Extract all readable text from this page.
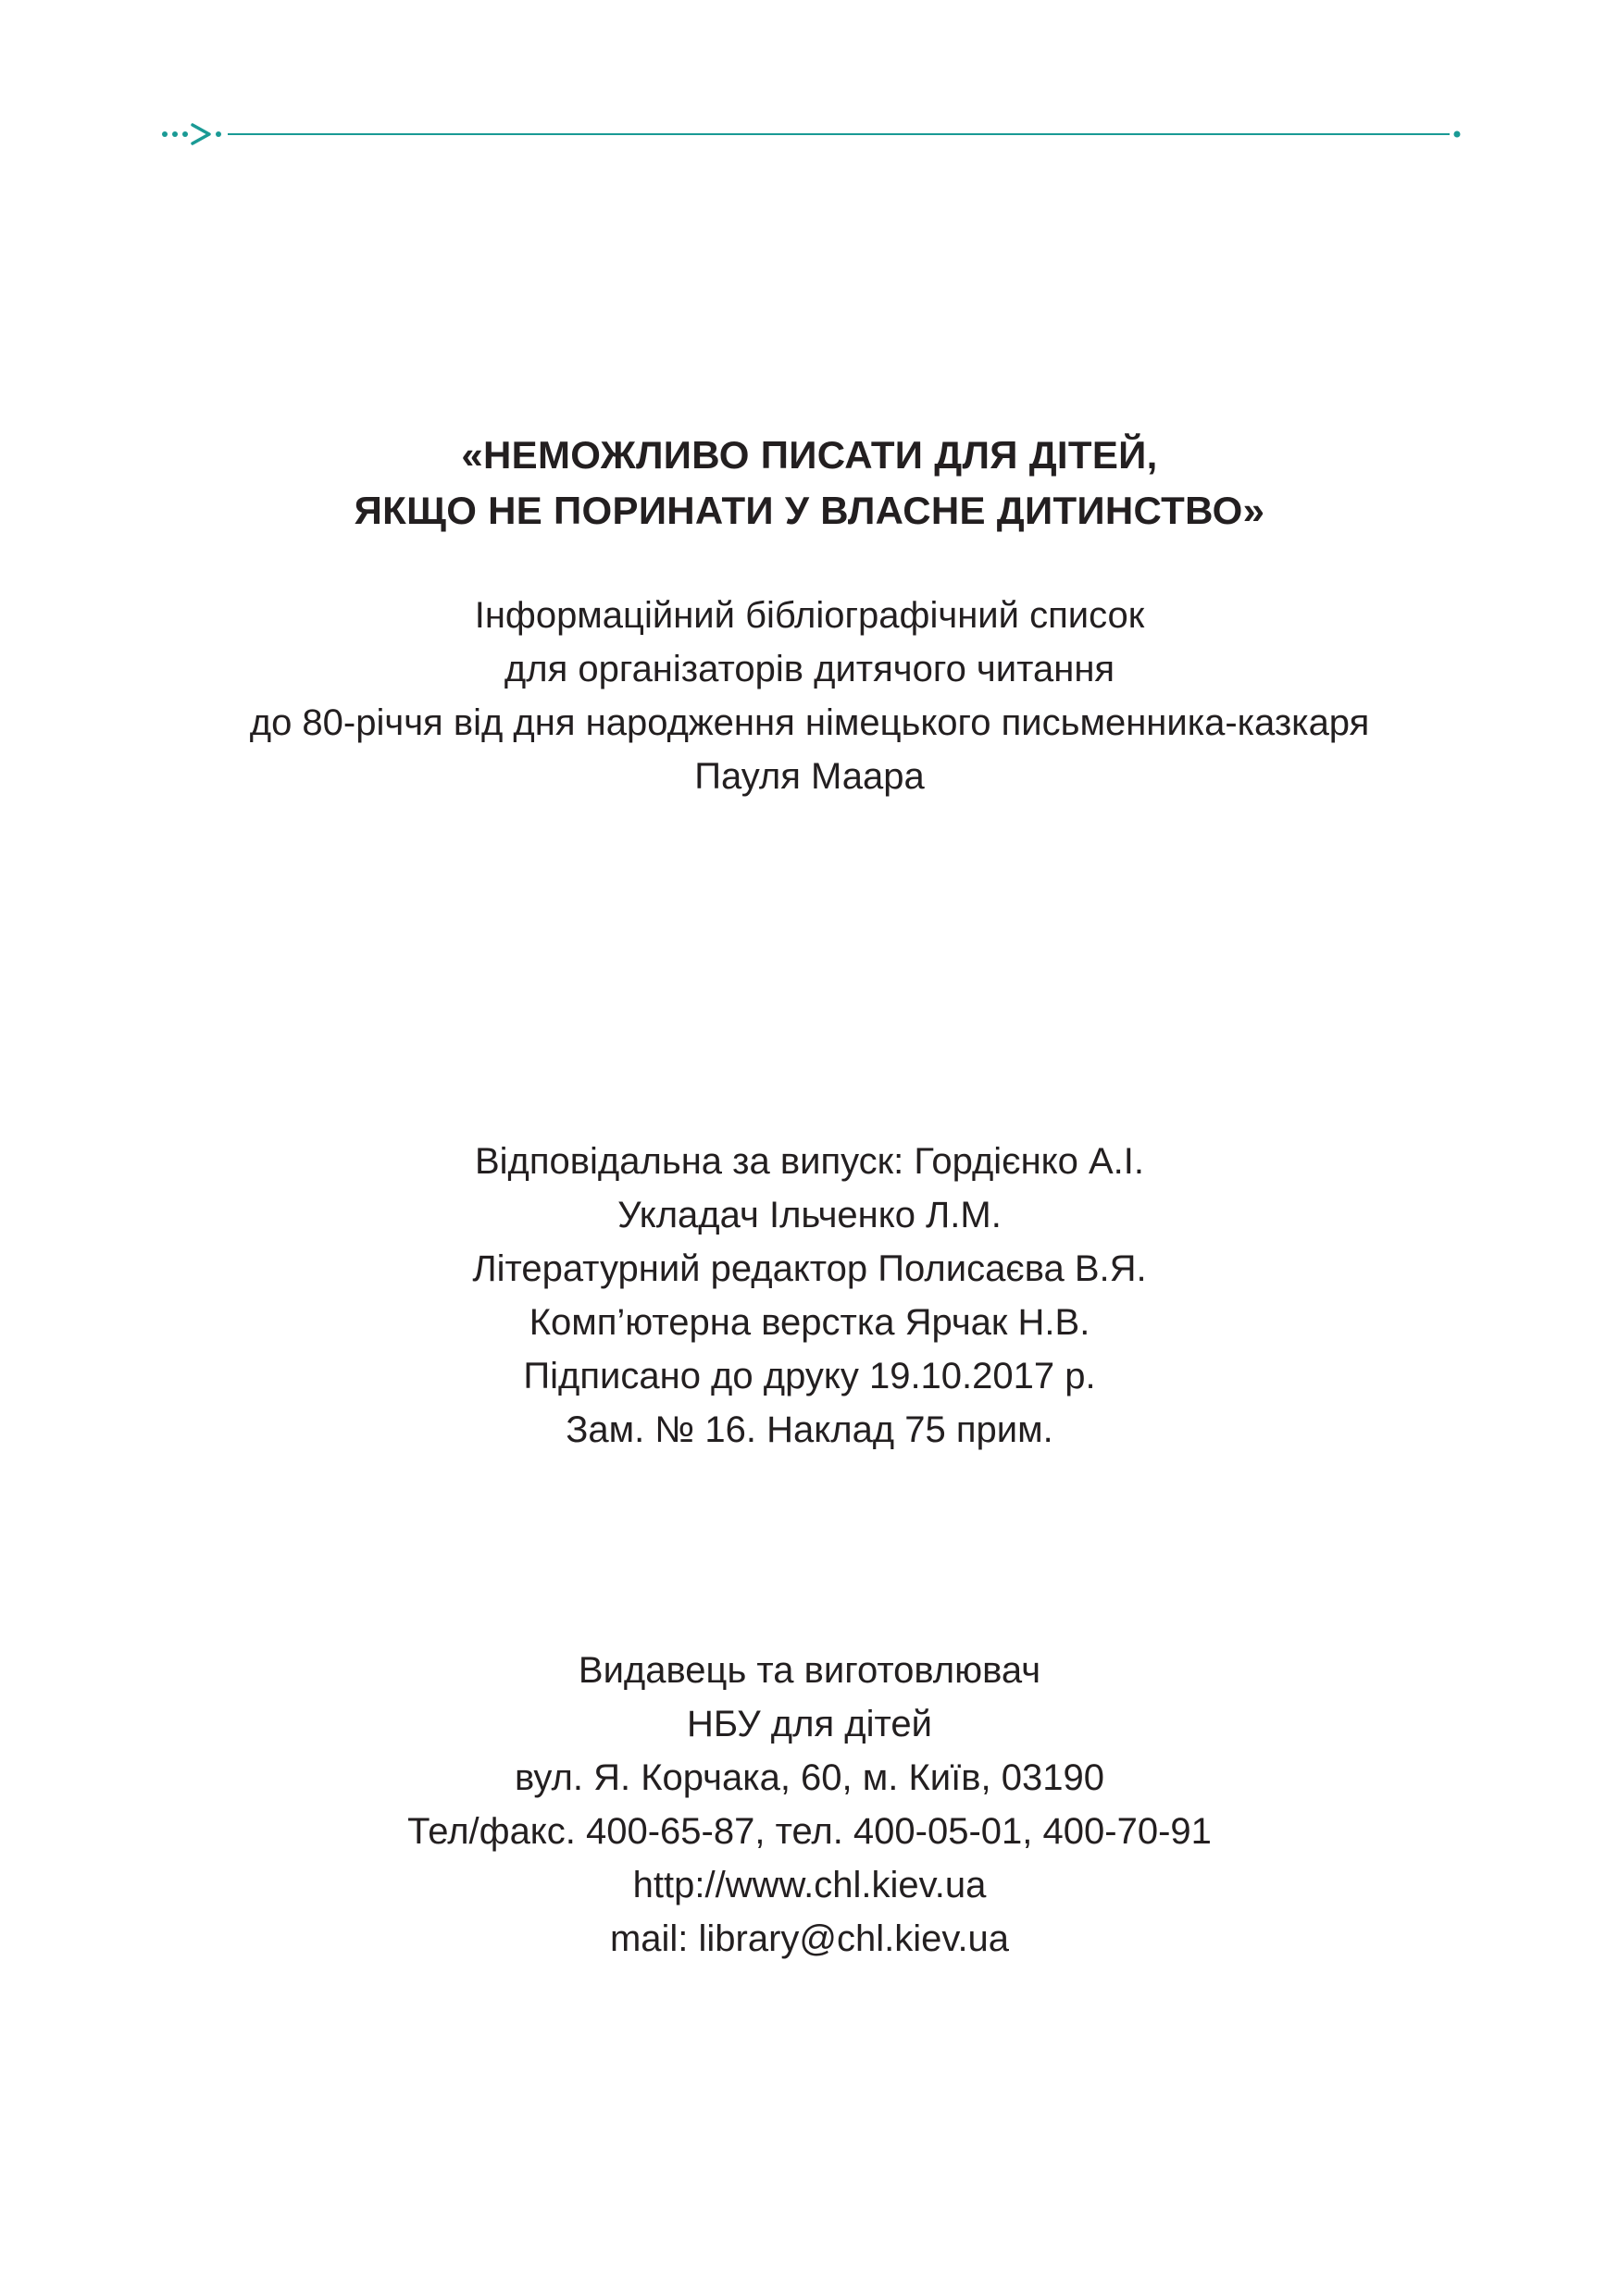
«НЕМОЖЛИВО ПИСАТИ ДЛЯ ДІТЕЙ,
ЯКЩО НЕ ПОРИНАТИ У ВЛАСНЕ ДИТИНСТВО»
Інформаційний бібліографічний список
для організаторів дитячого читання
до 80-річчя від дня народження німецького письменника-казкаря
Пауля Маара
Відповідальна за випуск: Гордієнко А.І.
Укладач Ільченко Л.М.
Літературний редактор Полисаєва В.Я.
Комп’ютерна верстка Ярчак Н.В.
Підписано до друку 19.10.2017 р.
Зам. № 16. Наклад 75 прим.
Видавець та виготовлювач
НБУ для дітей
вул. Я. Корчака, 60, м. Київ, 03190
Тел/факс. 400-65-87, тел. 400-05-01, 400-70-91
http://www.chl.kiev.ua
mail: library@chl.kiev.ua
